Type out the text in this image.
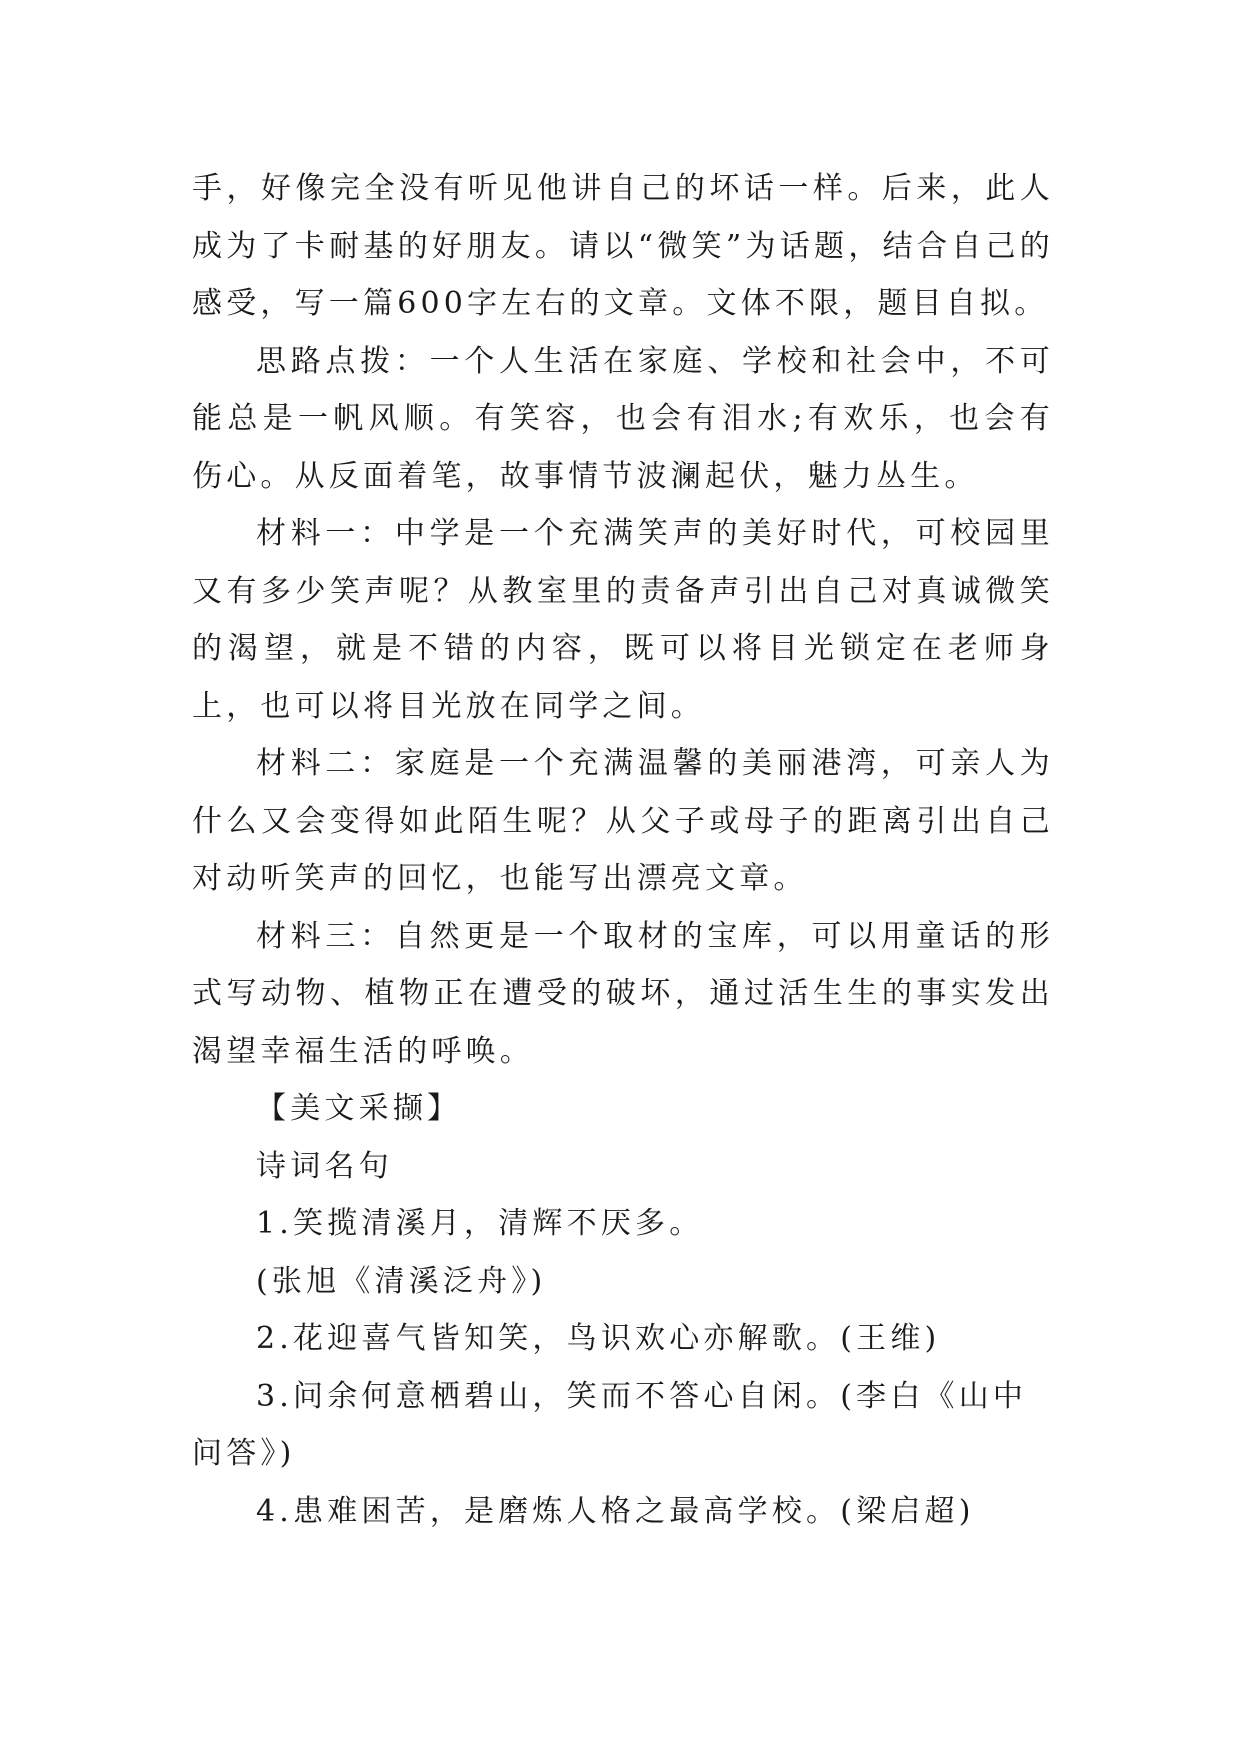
手，好像完全没有听见他讲自己的坏话一样。后来，此人成为了卡耐基的好朋友。请以“微笑”为话题，结合自己的感受，写一篇600字左右的文章。文体不限，题目自拟。

思路点拨：一个人生活在家庭、学校和社会中，不可能总是一帆风顺。有笑容，也会有泪水;有欢乐，也会有伤心。从反面着笔，故事情节波澜起伏，魅力丛生。

材料一：中学是一个充满笑声的美好时代，可校园里又有多少笑声呢？从教室里的责备声引出自己对真诚微笑的渴望，就是不错的内容，既可以将目光锁定在老师身上，也可以将目光放在同学之间。

材料二：家庭是一个充满温馨的美丽港湾，可亲人为什么又会变得如此陌生呢？从父子或母子的距离引出自己对动听笑声的回忆，也能写出漂亮文章。

材料三：自然更是一个取材的宝库，可以用童话的形式写动物、植物正在遭受的破坏，通过活生生的事实发出渴望幸福生活的呼唤。

【美文采撷】

诗词名句

1.笑揽清溪月，清辉不厌多。

(张旭《清溪泛舟》)

2.花迎喜气皆知笑，鸟识欢心亦解歌。(王维)

3.问余何意栖碧山，笑而不答心自闲。(李白《山中问答》)

4.患难困苦，是磨炼人格之最高学校。(梁启超)
